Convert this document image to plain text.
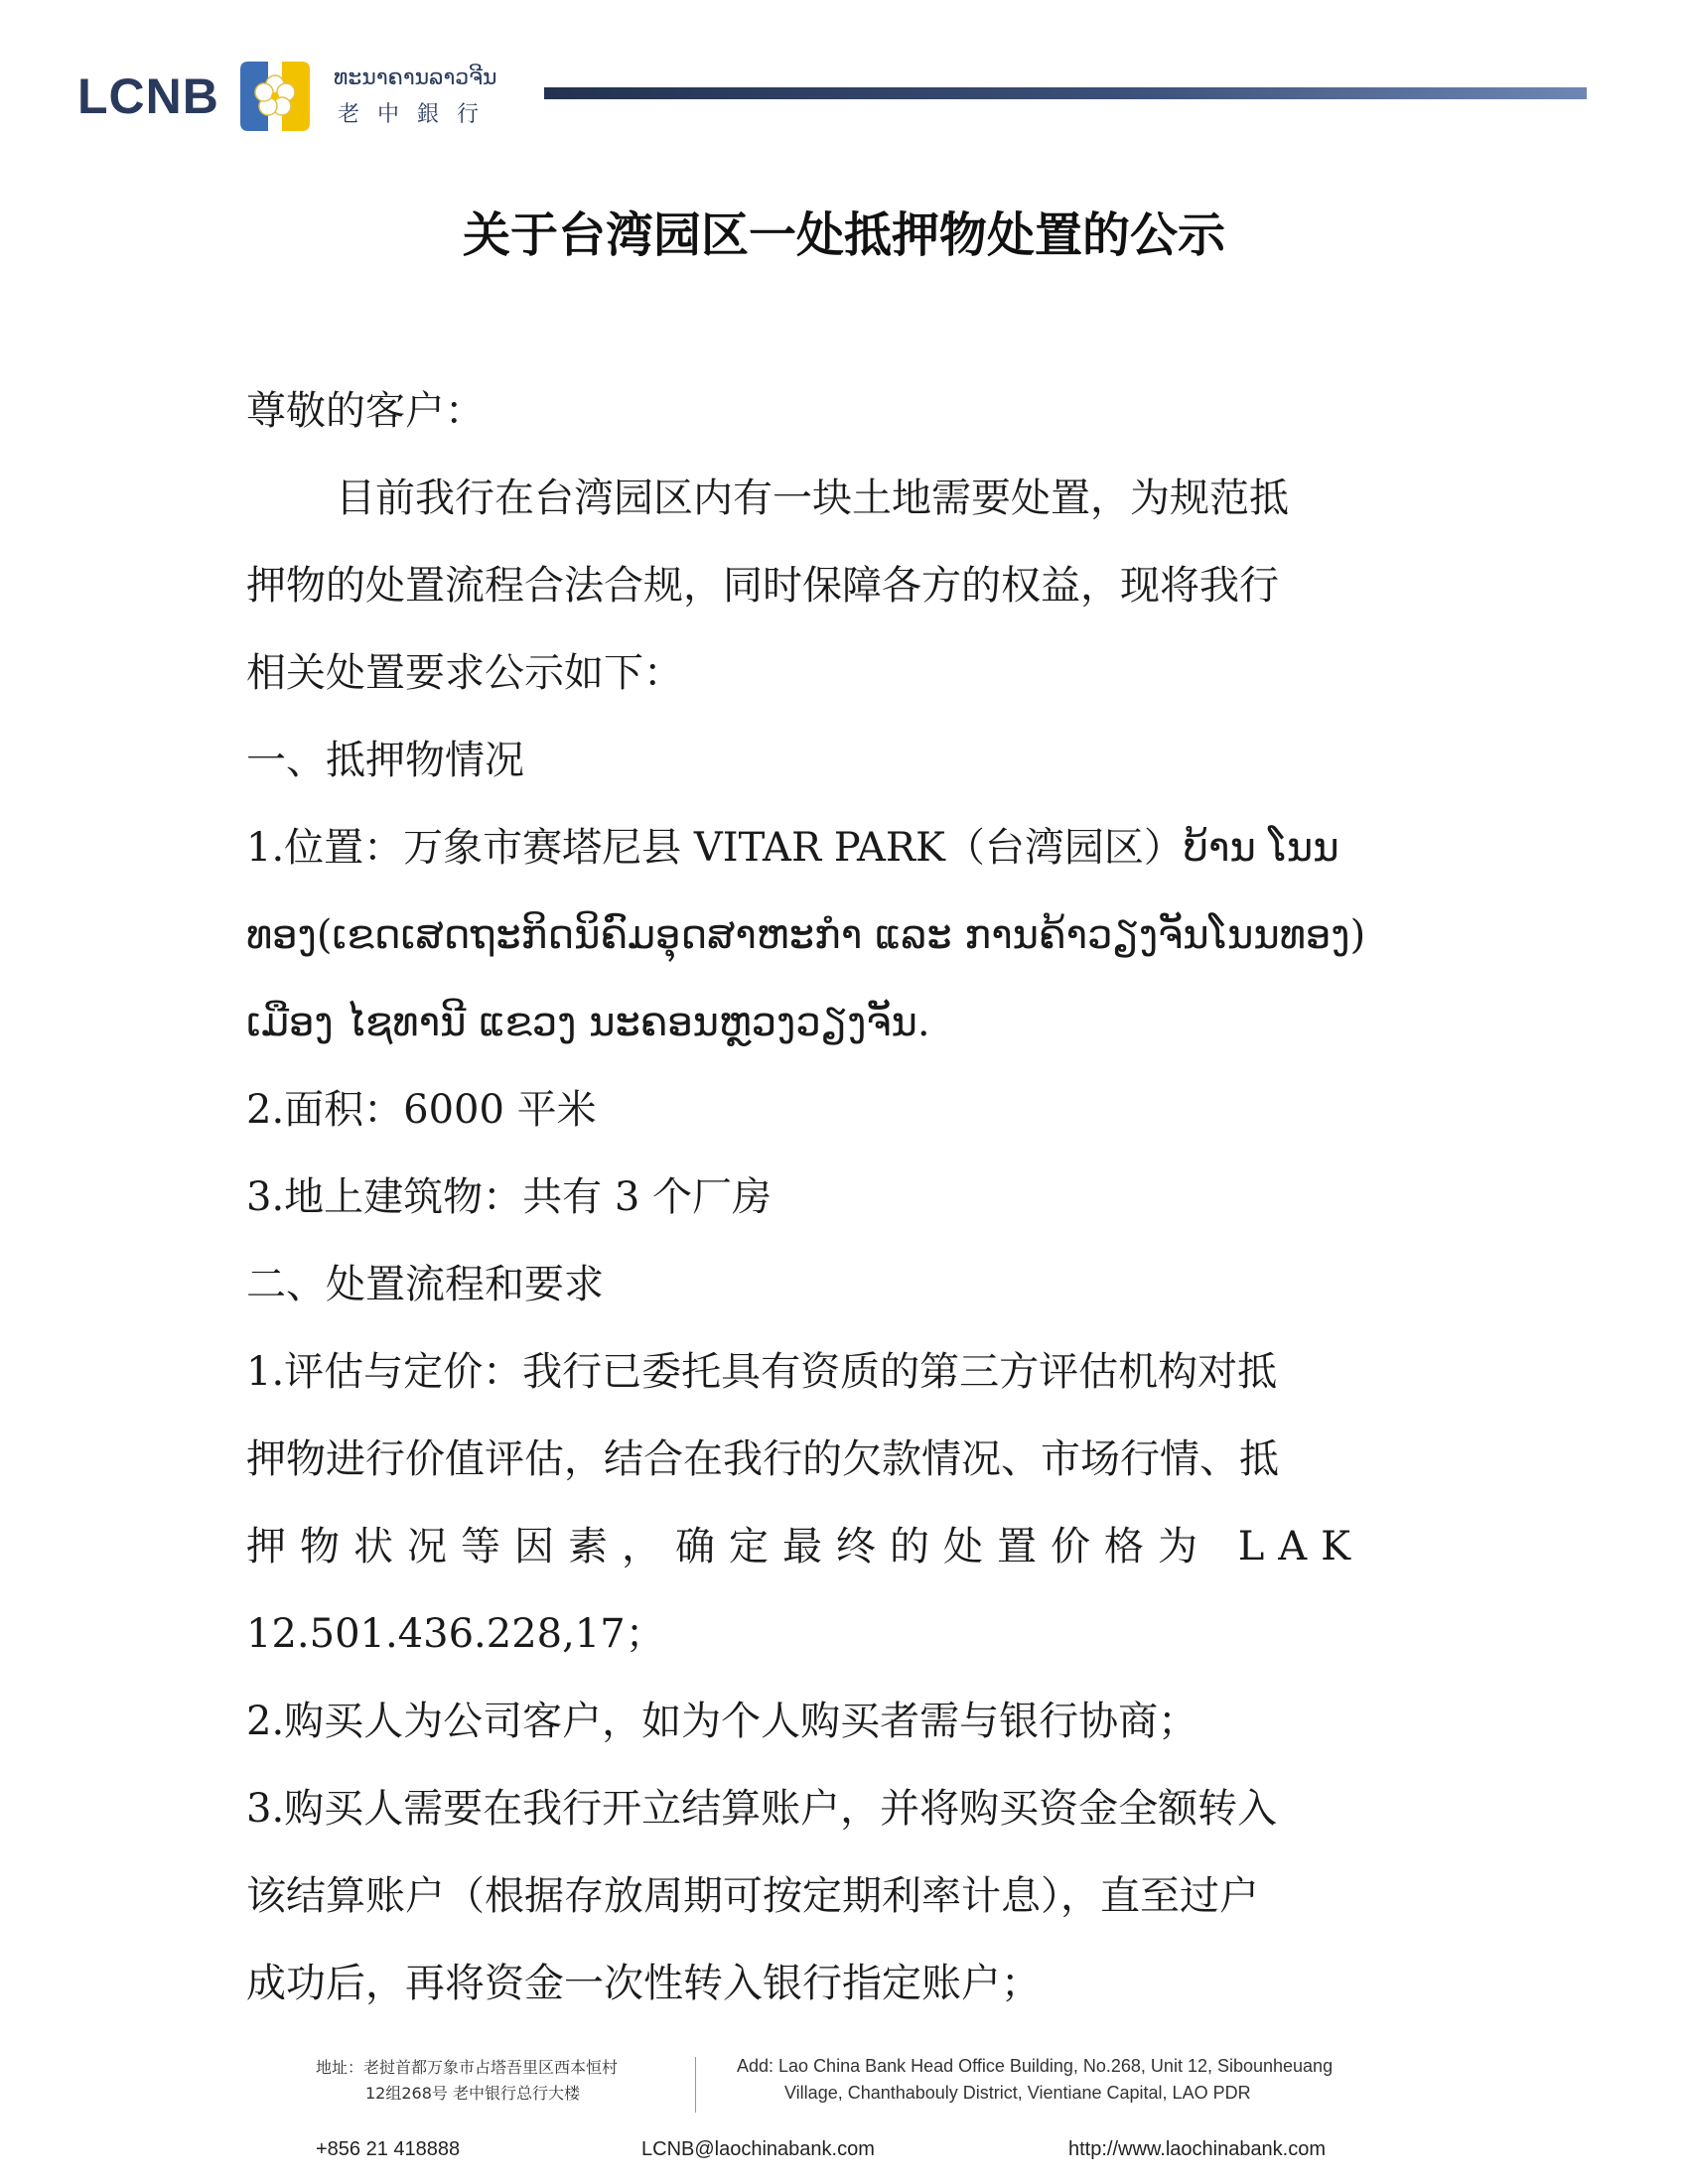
LCNB	ທະນາຄານລາວຈີນ
老中銀行
关于台湾园区一处抵押物处置的公示
尊敬的客户：
目前我行在台湾园区内有一块土地需要处置，为规范抵
押物的处置流程合法合规，同时保障各方的权益，现将我行
相关处置要求公示如下：
一、抵押物情况
1.位置：万象市赛塔尼县 VITAR PARK（台湾园区）ບ້ານ ໂນນ
ທອງ(ເຂດເສດຖະກິດນິຄົມອຸດສາຫະກໍາ ແລະ ການຄ້າວຽງຈັນໂນນທອງ)
ເມືອງ ໄຊທານີ ແຂວງ ນະຄອນຫຼວງວຽງຈັນ.
2.面积：6000 平米
3.地上建筑物：共有 3 个厂房
二、处置流程和要求
1.评估与定价：我行已委托具有资质的第三方评估机构对抵
押物进行价值评估，结合在我行的欠款情况、市场行情、抵
押物状况等因素，确定最终的处置价格为 LAK
12.501.436.228,17；
2.购买人为公司客户，如为个人购买者需与银行协商；
3.购买人需要在我行开立结算账户，并将购买资金全额转入
该结算账户（根据存放周期可按定期利率计息），直至过户
成功后，再将资金一次性转入银行指定账户；
地址：老挝首都万象市占塔吾里区西本恒村
12组268号 老中银行总行大楼
Add: Lao China Bank Head Office Building, No.268, Unit 12, Sibounheuang
Village, Chanthabouly District, Vientiane Capital, LAO PDR
+856 21 418888	LCNB@laochinabank.com	http://www.laochinabank.com
